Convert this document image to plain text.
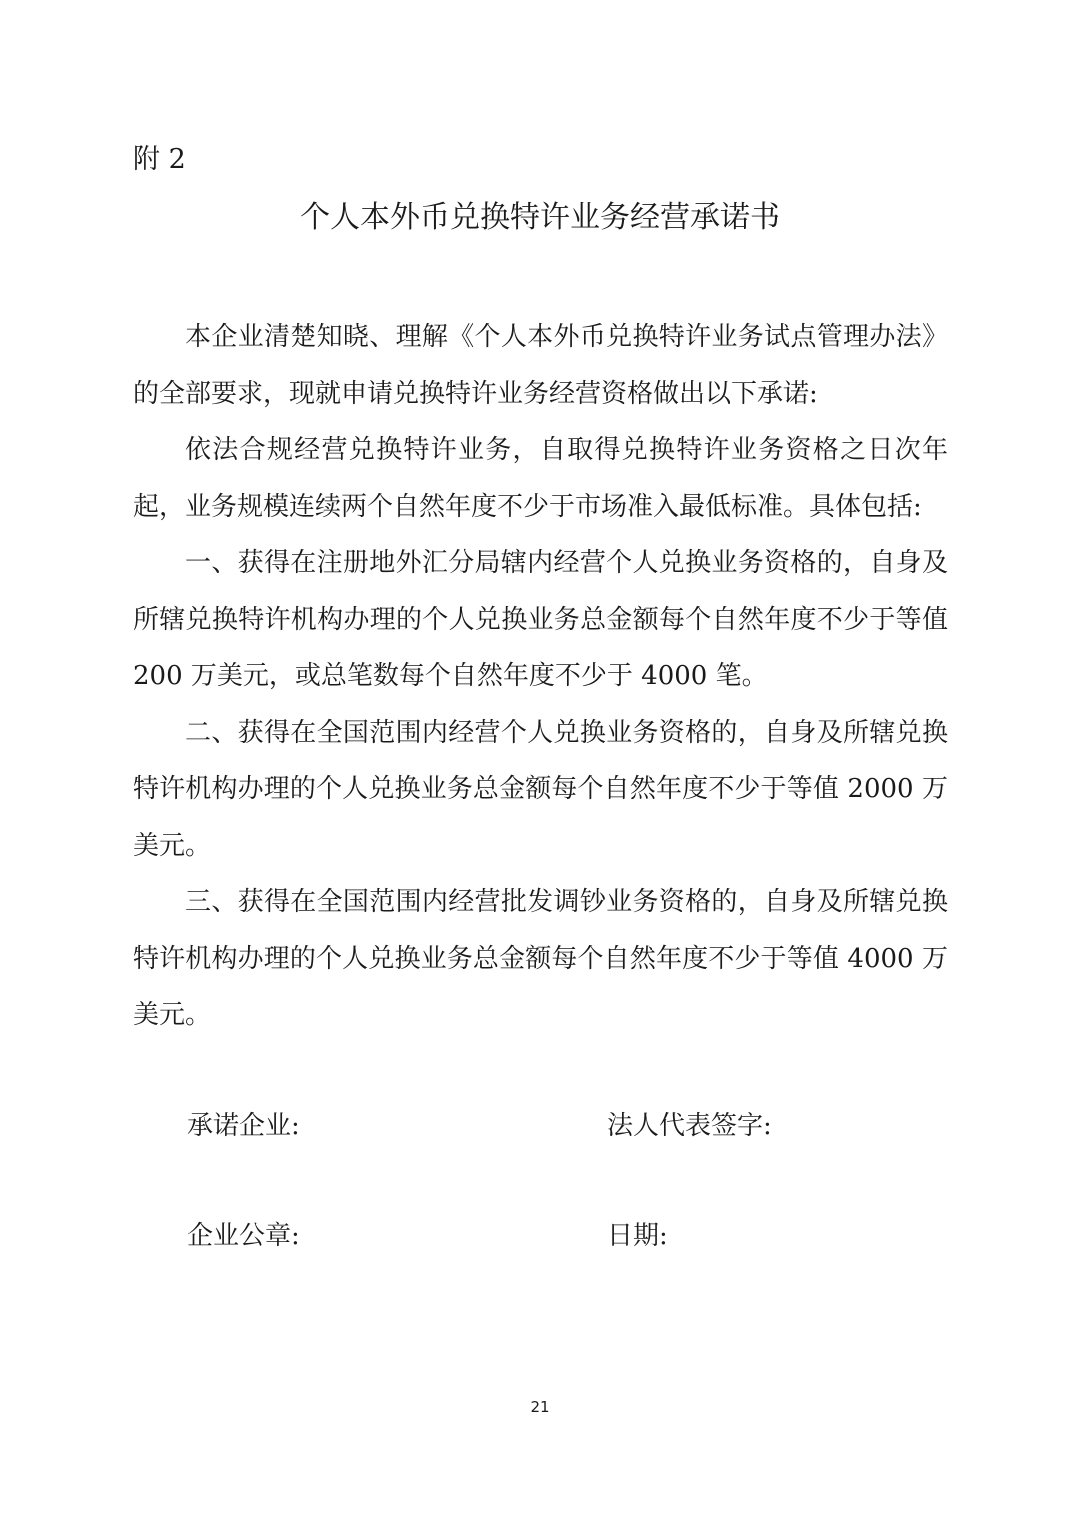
附 2
个人本外币兑换特许业务经营承诺书

本企业清楚知晓、理解《个人本外币兑换特许业务试点管理办法》的全部要求，现就申请兑换特许业务经营资格做出以下承诺:

依法合规经营兑换特许业务，自取得兑换特许业务资格之日次年起，业务规模连续两个自然年度不少于市场准入最低标准。具体包括:

一、获得在注册地外汇分局辖内经营个人兑换业务资格的，自身及所辖兑换特许机构办理的个人兑换业务总金额每个自然年度不少于等值 200 万美元，或总笔数每个自然年度不少于 4000 笔。

二、获得在全国范围内经营个人兑换业务资格的，自身及所辖兑换特许机构办理的个人兑换业务总金额每个自然年度不少于等值 2000 万美元。

三、获得在全国范围内经营批发调钞业务资格的，自身及所辖兑换特许机构办理的个人兑换业务总金额每个自然年度不少于等值 4000 万美元。

承诺企业:	法人代表签字:
企业公章:	日期:
21
